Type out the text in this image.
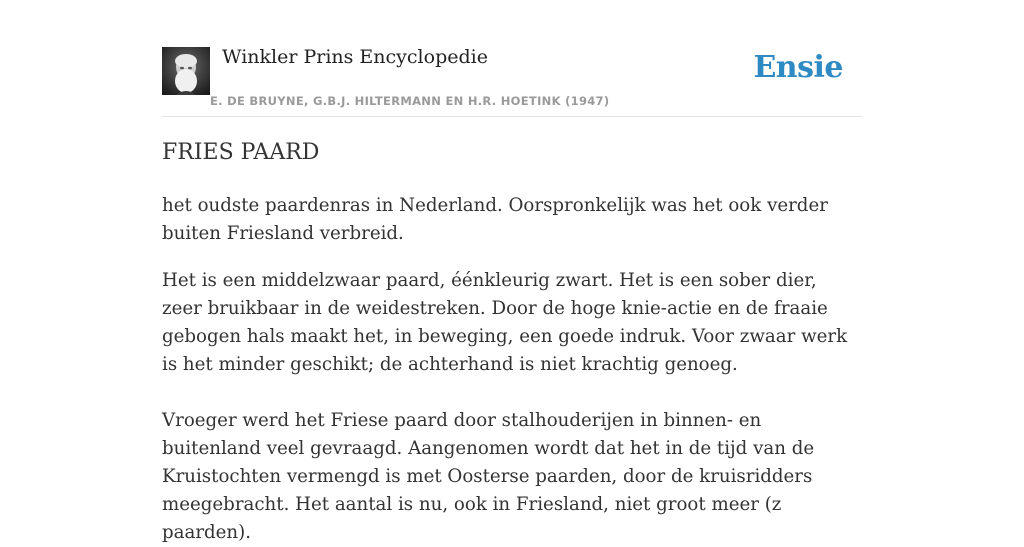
Winkler Prins Encyclopedie
E. DE BRUYNE, G.B.J. HILTERMANN EN H.R. HOETINK (1947)
Ensie
FRIES PAARD

het oudste paardenras in Nederland. Oorspronkelijk was het ook verder buiten Friesland verbreid.

Het is een middelzwaar paard, éénkleurig zwart. Het is een sober dier, zeer bruikbaar in de weidestreken. Door de hoge knie-actie en de fraaie gebogen hals maakt het, in beweging, een goede indruk. Voor zwaar werk is het minder geschikt; de achterhand is niet krachtig genoeg.

Vroeger werd het Friese paard door stalhouderijen in binnen- en buitenland veel gevraagd. Aangenomen wordt dat het in de tijd van de Kruistochten vermengd is met Oosterse paarden, door de kruisridders meegebracht. Het aantal is nu, ook in Friesland, niet groot meer (z paarden).
